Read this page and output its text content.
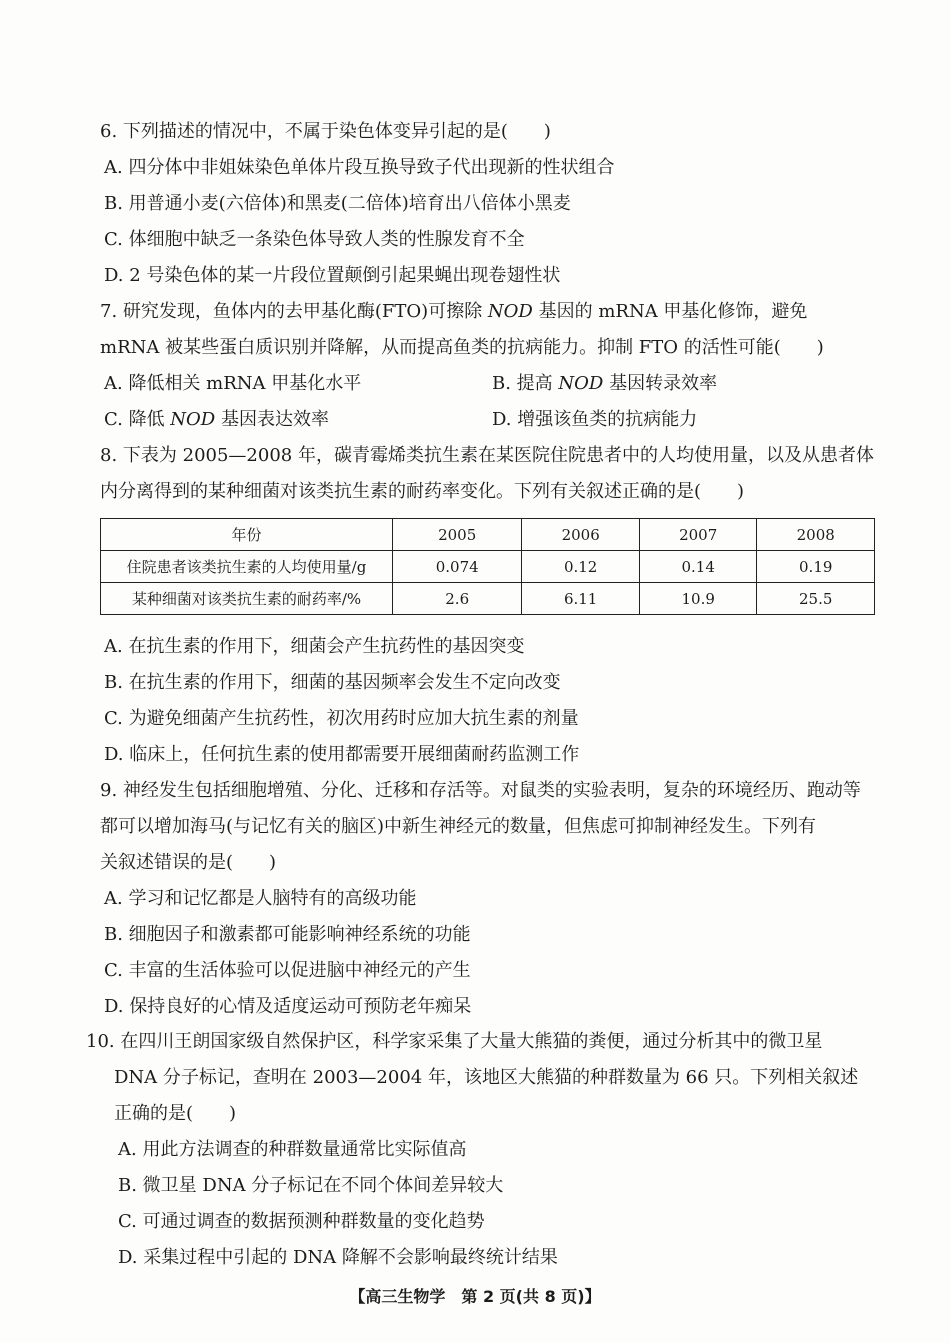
6. 下列描述的情况中，不属于染色体变异引起的是(　　)
A. 四分体中非姐妹染色单体片段互换导致子代出现新的性状组合
B. 用普通小麦(六倍体)和黑麦(二倍体)培育出八倍体小黑麦
C. 体细胞中缺乏一条染色体导致人类的性腺发育不全
D. 2 号染色体的某一片段位置颠倒引起果蝇出现卷翅性状
7. 研究发现，鱼体内的去甲基化酶(FTO)可擦除 NOD 基因的 mRNA 甲基化修饰，避免
mRNA 被某些蛋白质识别并降解，从而提高鱼类的抗病能力。抑制 FTO 的活性可能(　　)
A. 降低相关 mRNA 甲基化水平	B. 提高 NOD 基因转录效率
C. 降低 NOD 基因表达效率	D. 增强该鱼类的抗病能力
8. 下表为 2005—2008 年，碳青霉烯类抗生素在某医院住院患者中的人均使用量，以及从患者体
内分离得到的某种细菌对该类抗生素的耐药率变化。下列有关叙述正确的是(　　)
年份	2005	2006	2007	2008
住院患者该类抗生素的人均使用量/g	0.074	0.12	0.14	0.19
某种细菌对该类抗生素的耐药率/%	2.6	6.11	10.9	25.5
A. 在抗生素的作用下，细菌会产生抗药性的基因突变
B. 在抗生素的作用下，细菌的基因频率会发生不定向改变
C. 为避免细菌产生抗药性，初次用药时应加大抗生素的剂量
D. 临床上，任何抗生素的使用都需要开展细菌耐药监测工作
9. 神经发生包括细胞增殖、分化、迁移和存活等。对鼠类的实验表明，复杂的环境经历、跑动等
都可以增加海马(与记忆有关的脑区)中新生神经元的数量，但焦虑可抑制神经发生。下列有
关叙述错误的是(　　)
A. 学习和记忆都是人脑特有的高级功能
B. 细胞因子和激素都可能影响神经系统的功能
C. 丰富的生活体验可以促进脑中神经元的产生
D. 保持良好的心情及适度运动可预防老年痴呆
10. 在四川王朗国家级自然保护区，科学家采集了大量大熊猫的粪便，通过分析其中的微卫星
DNA 分子标记，查明在 2003—2004 年，该地区大熊猫的种群数量为 66 只。下列相关叙述
正确的是(　　)
A. 用此方法调查的种群数量通常比实际值高
B. 微卫星 DNA 分子标记在不同个体间差异较大
C. 可通过调查的数据预测种群数量的变化趋势
D. 采集过程中引起的 DNA 降解不会影响最终统计结果
【高三生物学　第 2 页(共 8 页)】
